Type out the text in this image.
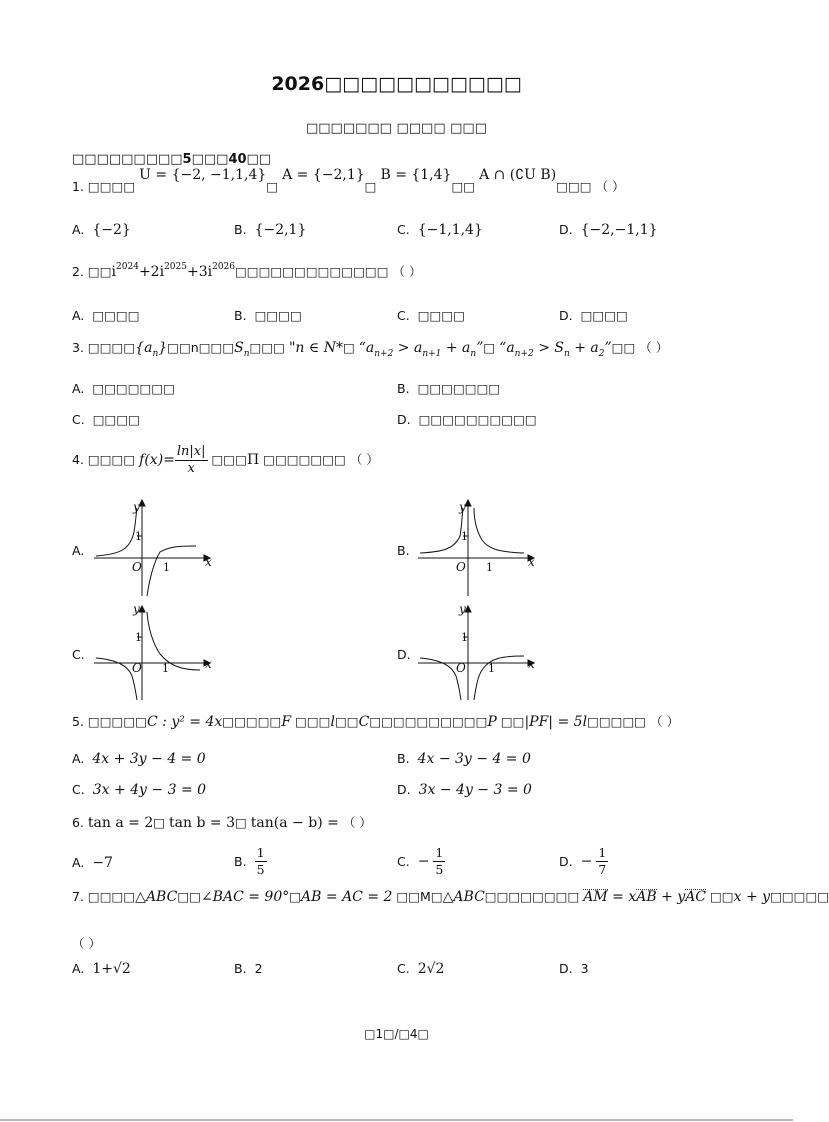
2026□□□□□□□□□□□
□□□□□□□ □□□□ □□□
□□□□□□□□□5□□□40□□
1. □□□□ U = {−2, −1,1,4}□ A = {−2,1}□ B = {1,4}□□ A ∩ (∁U B)□□□ （ ）
A. {−2}	B. {−2,1}	C. {−1,1,4}	D. {−2,−1,1}
2. $□□i^{2024}+2i^{2025}+3i^{2026}□□□□□□□□□□□□□$ （ ）
A. □□□□	B. □□□□	C. □□□□	D. □□□□
3. $□□□□\{a_n\}□□n□□□S_n□□□$ "n ∈ N*□ “$a_{n+2} > a_{n+1}$ + $a_n”□$ “$a_{n+2} > S_n$ + $a_2”□□$ （ ）
A. □□□□□□□	B. □□□□□□□
C. □□□□	D. □□□□□□□□□□
4. □□□□ $f(x)= \frac{\ln|x|}{x}$ □□□Π □□□□□□□ （ ）
A.	B.
C.	D.
y
x
O
1
1
y
x
O
1
1
y
x
O
1
1
y
x
O
1
1
5. □□□□□C : y² = 4x□□□□□F □□□l□□C□□□□□□□□□□P □□|PF| = 5l□□□□□ （ ）
A. 4x + 3y − 4 = 0	B. 4x − 3y − 4 = 0
C. 3x + 4y − 3 = 0	D. 3x − 4y − 3 = 0
6. tan a = 2□ tan b = 3□ tan(a − b) = （ ）
A. −7	B. $\frac{1}{5}$	C. − $\frac{1}{5}$	D. − $\frac{1}{7}$
7. □□□□△ABC□□∠BAC = 90°□AB = AC = 2 □□M□△ABC□□□□□□□□ AM = xAB + yAC □□x + y□□□□□
（ ）
A. 1+√2	B. 2	C. 2√2	D. 3
□1□/□4□
